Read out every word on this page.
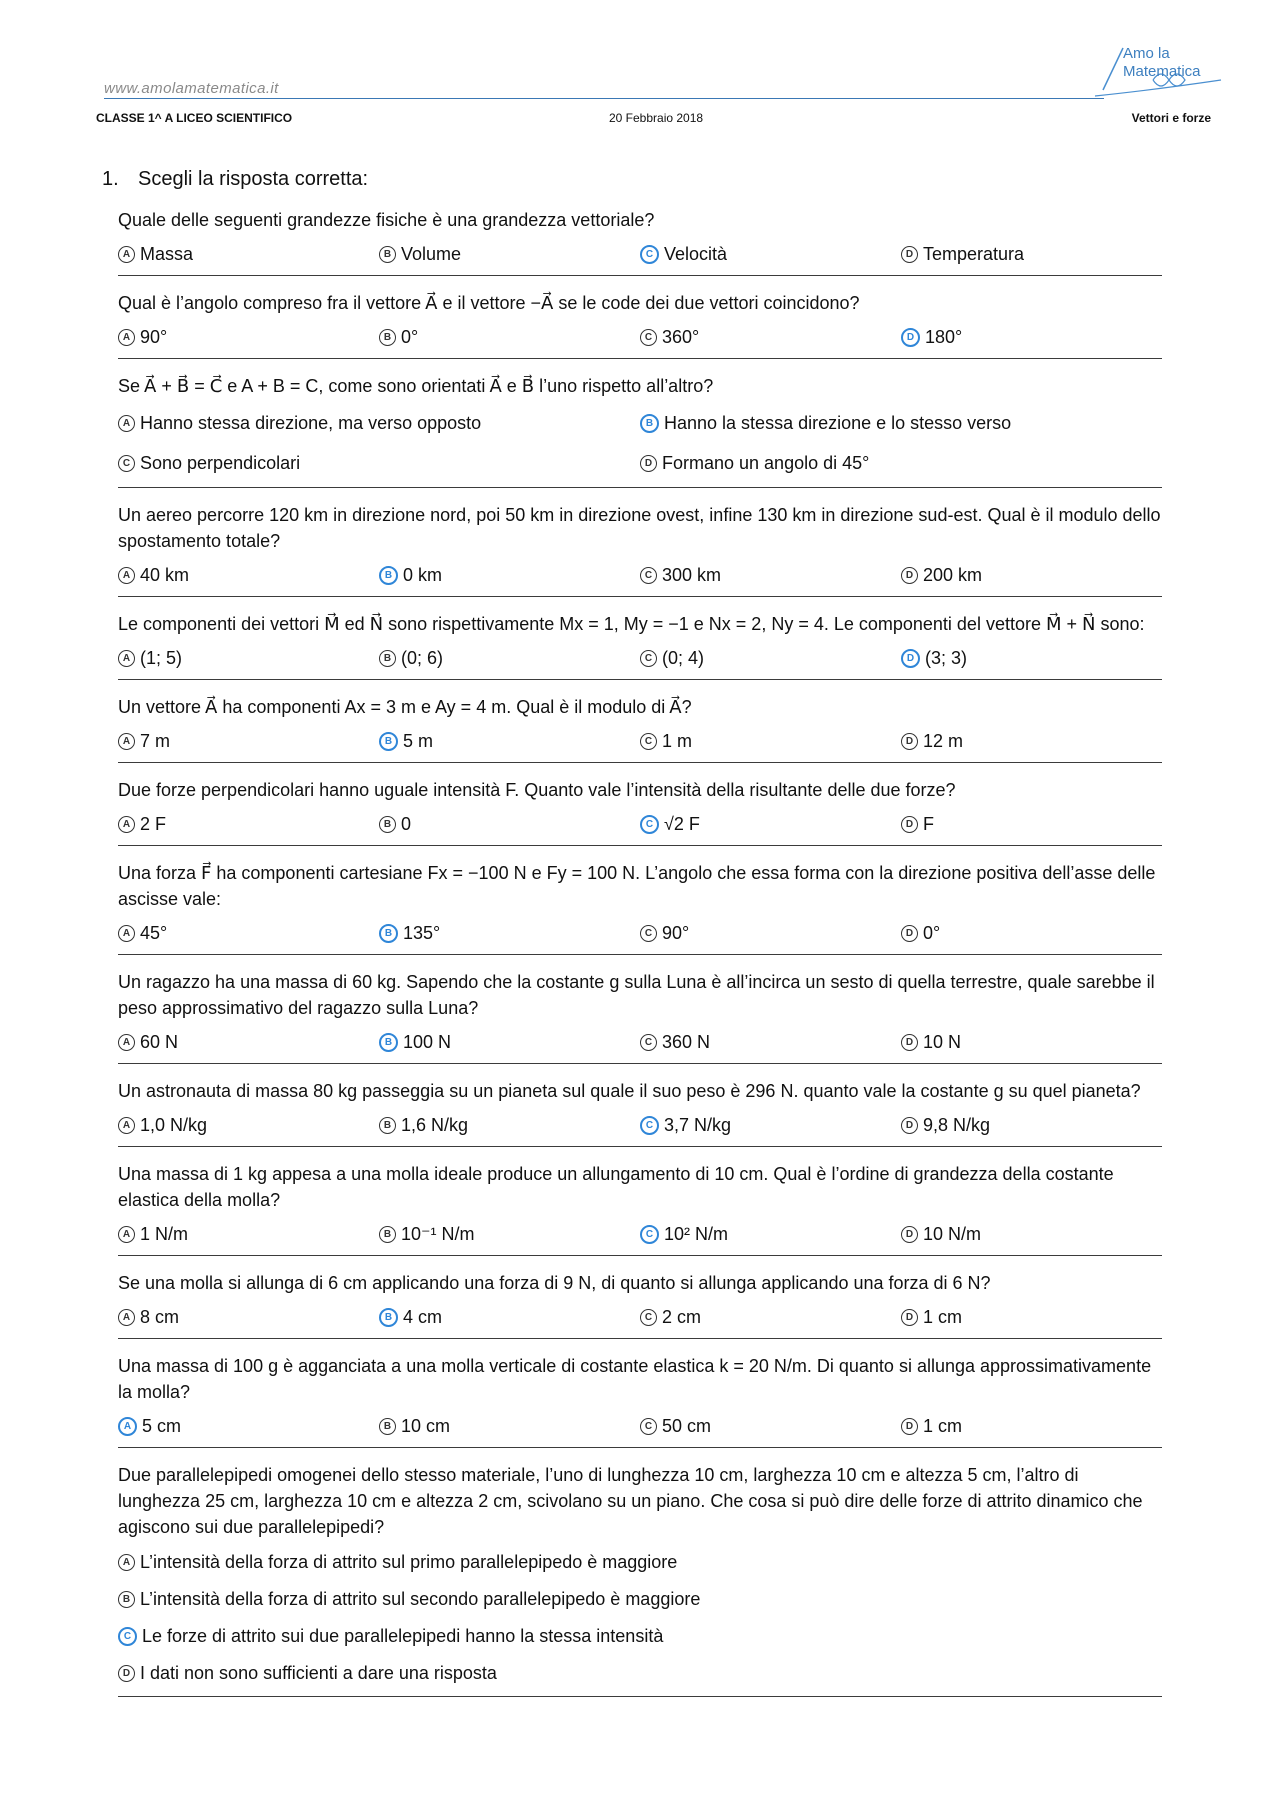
www.amolamatematica.it
Amo la
Matematica
CLASSE 1^ A LICEO SCIENTIFICO	20 Febbraio 2018	Vettori e forze
1. Scegli la risposta corretta:
Quale delle seguenti grandezze fisiche è una grandezza vettoriale?
A Massa	B Volume	C Velocità	D Temperatura
Qual è l’angolo compreso fra il vettore A⃗ e il vettore −A⃗ se le code dei due vettori coincidono?
A 90°	B 0°	C 360°	D 180°
Se A⃗ + B⃗ = C⃗ e A + B = C, come sono orientati A⃗ e B⃗ l’uno rispetto all’altro?
A Hanno stessa direzione, ma verso opposto	B Hanno la stessa direzione e lo stesso verso
C Sono perpendicolari	D Formano un angolo di 45°
Un aereo percorre 120 km in direzione nord, poi 50 km in direzione ovest, infine 130 km in direzione sud-est. Qual è il modulo dello spostamento totale?
A 40 km	B 0 km	C 300 km	D 200 km
Le componenti dei vettori M⃗ ed N⃗ sono rispettivamente Mx = 1, My = −1 e Nx = 2, Ny = 4. Le componenti del vettore M⃗ + N⃗ sono:
A (1; 5)	B (0; 6)	C (0; 4)	D (3; 3)
Un vettore A⃗ ha componenti Ax = 3 m e Ay = 4 m. Qual è il modulo di A⃗?
A 7 m	B 5 m	C 1 m	D 12 m
Due forze perpendicolari hanno uguale intensità F. Quanto vale l’intensità della risultante delle due forze?
A 2 F	B 0	C √2 F	D F
Una forza F⃗ ha componenti cartesiane Fx = −100 N e Fy = 100 N. L’angolo che essa forma con la direzione positiva dell’asse delle ascisse vale:
A 45°	B 135°	C 90°	D 0°
Un ragazzo ha una massa di 60 kg. Sapendo che la costante g sulla Luna è all’incirca un sesto di quella terrestre, quale sarebbe il peso approssimativo del ragazzo sulla Luna?
A 60 N	B 100 N	C 360 N	D 10 N
Un astronauta di massa 80 kg passeggia su un pianeta sul quale il suo peso è 296 N. quanto vale la costante g su quel pianeta?
A 1,0 N/kg	B 1,6 N/kg	C 3,7 N/kg	D 9,8 N/kg
Una massa di 1 kg appesa a una molla ideale produce un allungamento di 10 cm. Qual è l’ordine di grandezza della costante elastica della molla?
A 1 N/m	B 10⁻¹ N/m	C 10² N/m	D 10 N/m
Se una molla si allunga di 6 cm applicando una forza di 9 N, di quanto si allunga applicando una forza di 6 N?
A 8 cm	B 4 cm	C 2 cm	D 1 cm
Una massa di 100 g è agganciata a una molla verticale di costante elastica k = 20 N/m. Di quanto si allunga approssimativamente la molla?
A 5 cm	B 10 cm	C 50 cm	D 1 cm
Due parallelepipedi omogenei dello stesso materiale, l’uno di lunghezza 10 cm, larghezza 10 cm e altezza 5 cm, l’altro di lunghezza 25 cm, larghezza 10 cm e altezza 2 cm, scivolano su un piano. Che cosa si può dire delle forze di attrito dinamico che agiscono sui due parallelepipedi?
A L’intensità della forza di attrito sul primo parallelepipedo è maggiore
B L’intensità della forza di attrito sul secondo parallelepipedo è maggiore
C Le forze di attrito sui due parallelepipedi hanno la stessa intensità
D I dati non sono sufficienti a dare una risposta
